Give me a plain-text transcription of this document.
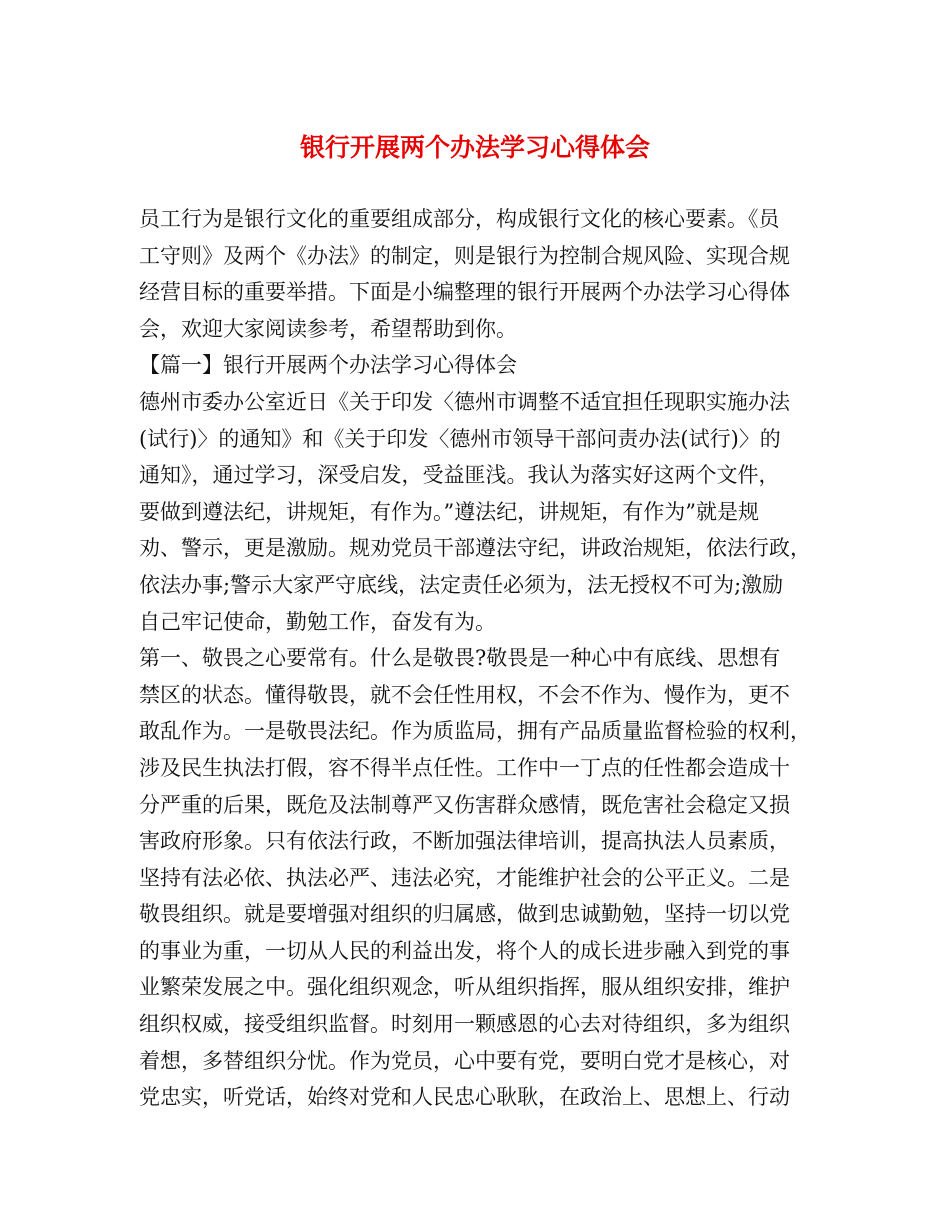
银行开展两个办法学习心得体会
员工行为是银行文化的重要组成部分，构成银行文化的核心要素。《员
工守则》及两个《办法》的制定，则是银行为控制合规风险、实现合规
经营目标的重要举措。下面是小编整理的银行开展两个办法学习心得体
会，欢迎大家阅读参考，希望帮助到你。
【篇一】银行开展两个办法学习心得体会
德州市委办公室近日《关于印发〈德州市调整不适宜担任现职实施办法
(试行)〉的通知》和《关于印发〈德州市领导干部问责办法(试行)〉的
通知》，通过学习，深受启发，受益匪浅。我认为落实好这两个文件，
要做到遵法纪，讲规矩，有作为。”遵法纪，讲规矩，有作为”就是规
劝、警示，更是激励。规劝党员干部遵法守纪，讲政治规矩，依法行政，
依法办事;警示大家严守底线，法定责任必须为，法无授权不可为;激励
自己牢记使命，勤勉工作，奋发有为。
第一、敬畏之心要常有。什么是敬畏?敬畏是一种心中有底线、思想有
禁区的状态。懂得敬畏，就不会任性用权，不会不作为、慢作为，更不
敢乱作为。一是敬畏法纪。作为质监局，拥有产品质量监督检验的权利，
涉及民生执法打假，容不得半点任性。工作中一丁点的任性都会造成十
分严重的后果，既危及法制尊严又伤害群众感情，既危害社会稳定又损
害政府形象。只有依法行政，不断加强法律培训，提高执法人员素质，
坚持有法必依、执法必严、违法必究，才能维护社会的公平正义。二是
敬畏组织。就是要增强对组织的归属感，做到忠诚勤勉，坚持一切以党
的事业为重，一切从人民的利益出发，将个人的成长进步融入到党的事
业繁荣发展之中。强化组织观念，听从组织指挥，服从组织安排，维护
组织权威，接受组织监督。时刻用一颗感恩的心去对待组织，多为组织
着想，多替组织分忧。作为党员，心中要有党，要明白党才是核心，对
党忠实，听党话，始终对党和人民忠心耿耿，在政治上、思想上、行动
